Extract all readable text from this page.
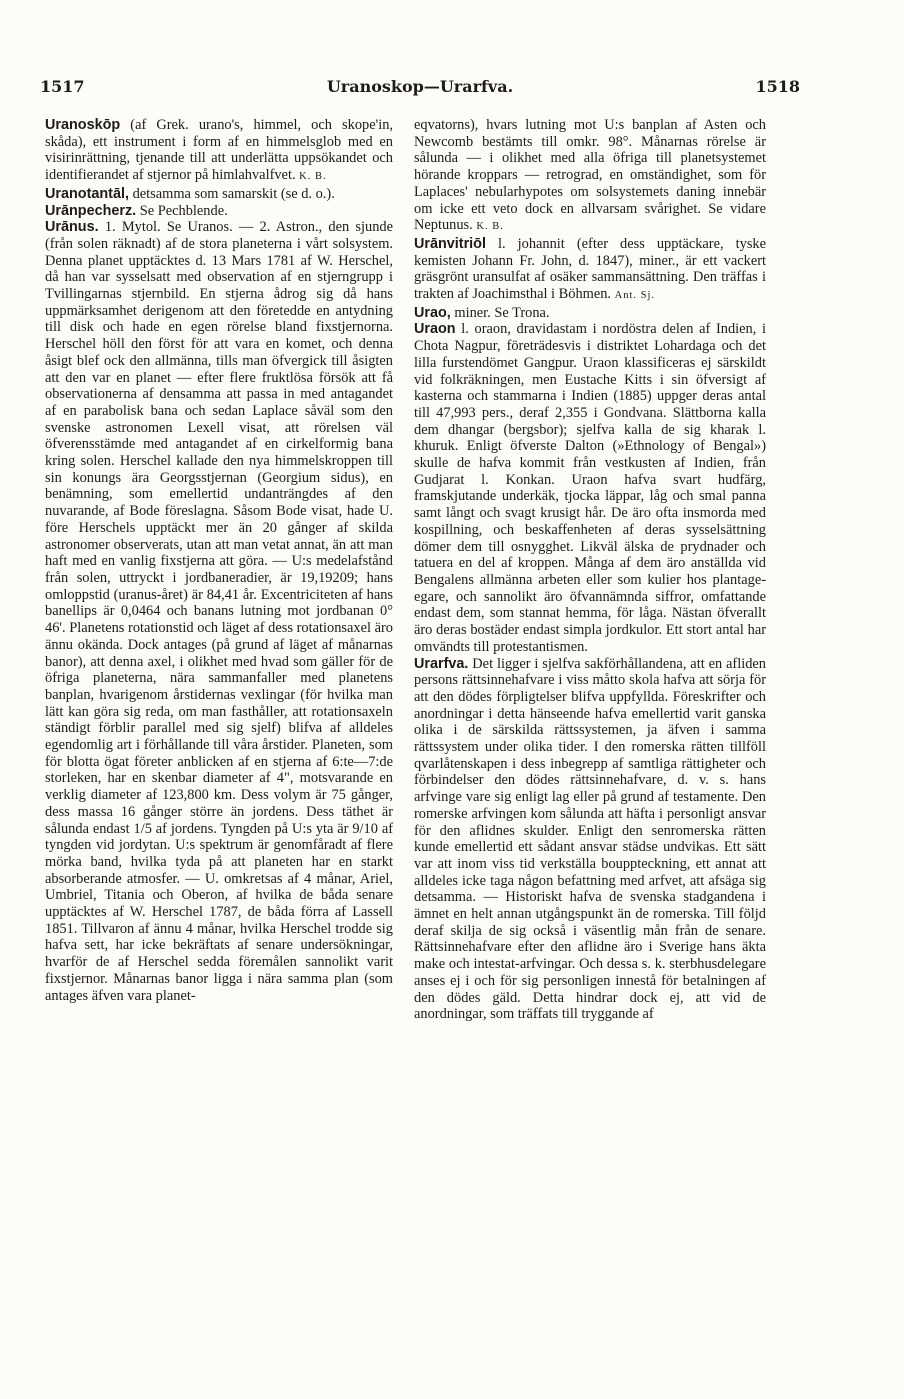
1517	Uranoskop—Urarfva.	1518

Uranoskōp (af Grek. urano's, himmel, och skope'in, skåda), ett instrument i form af en himmelsglob med en visirinrättning, tjenande till att underlätta uppsökandet och identifierandet af stjernor på himlahvalfvet. K. B.

Uranotantāl, detsamma som samarskit (se d. o.).

Urānpecherz. Se Pechblende.

Urānus. 1. Mytol. Se Uranos. — 2. Astron., den sjunde (från solen räknadt) af de stora planeterna i vårt solsystem. Denna planet upptäcktes d. 13 Mars 1781 af W. Herschel, då han var sysselsatt med observation af en stjerngrupp i Tvillingarnas stjernbild. En stjerna ådrog sig då hans uppmärksamhet derigenom att den företedde en antydning till disk och hade en egen rörelse bland fixstjernorna. Herschel höll den först för att vara en komet, och denna åsigt blef ock den allmänna, tills man öfvergick till åsigten att den var en planet — efter flere fruktlösa försök att få observationerna af densamma att passa in med antagandet af en parabolisk bana och sedan Laplace såväl som den svenske astronomen Lexell visat, att rörelsen väl öfverensstämde med antagandet af en cirkelformig bana kring solen. Herschel kallade den nya himmelskroppen till sin konungs ära Georgsstjernan (Georgium sidus), en benämning, som emellertid undanträngdes af den nuvarande, af Bode föreslagna. Såsom Bode visat, hade U. före Herschels upptäckt mer än 20 gånger af skilda astronomer observerats, utan att man vetat annat, än att man haft med en vanlig fixstjerna att göra. — U:s medelafstånd från solen, uttryckt i jordbaneradier, är 19,19209; hans omloppstid (uranus-året) är 84,41 år. Excentriciteten af hans banellips är 0,0464 och banans lutning mot jordbanan 0° 46'. Planetens rotationstid och läget af dess rotationsaxel äro ännu okända. Dock antages (på grund af läget af månarnas banor), att denna axel, i olikhet med hvad som gäller för de öfriga planeterna, nära sammanfaller med planetens banplan, hvarigenom årstidernas vexlingar (för hvilka man lätt kan göra sig reda, om man fasthåller, att rotationsaxeln ständigt förblir parallel med sig sjelf) blifva af alldeles egendomlig art i förhållande till våra årstider. Planeten, som för blotta ögat företer anblicken af en stjerna af 6:te—7:de storleken, har en skenbar diameter af 4", motsvarande en verklig diameter af 123,800 km. Dess volym är 75 gånger, dess massa 16 gånger större än jordens. Dess täthet är sålunda endast 1/5 af jordens. Tyngden på U:s yta är 9/10 af tyngden vid jordytan. U:s spektrum är genomfåradt af flere mörka band, hvilka tyda på att planeten har en starkt absorberande atmosfer. — U. omkretsas af 4 månar, Ariel, Umbriel, Titania och Oberon, af hvilka de båda senare upptäcktes af W. Herschel 1787, de båda förra af Lassell 1851. Tillvaron af ännu 4 månar, hvilka Herschel trodde sig hafva sett, har icke bekräftats af senare undersökningar, hvarför de af Herschel sedda föremålen sannolikt varit fixstjernor. Månarnas banor ligga i nära samma plan (som antages äfven vara planet-

eqvatorns), hvars lutning mot U:s banplan af Asten och Newcomb bestämts till omkr. 98°. Månarnas rörelse är sålunda — i olikhet med alla öfriga till planetsystemet hörande kroppars — retrograd, en omständighet, som för Laplaces' nebularhypotes om solsystemets daning innebär om icke ett veto dock en allvarsam svårighet. Se vidare Neptunus. K. B.

Urānvitriōl l. johannit (efter dess upptäckare, tyske kemisten Johann Fr. John, d. 1847), miner., är ett vackert gräsgrönt uransulfat af osäker sammansättning. Den träffas i trakten af Joachimsthal i Böhmen. Ant. Sj.

Urao, miner. Se Trona.

Uraon l. oraon, dravidastam i nordöstra delen af Indien, i Chota Nagpur, företrädesvis i distriktet Lohardaga och det lilla furstendömet Gangpur. Uraon klassificeras ej särskildt vid folkräkningen, men Eustache Kitts i sin öfversigt af kasterna och stammarna i Indien (1885) uppger deras antal till 47,993 pers., deraf 2,355 i Gondvana. Slättborna kalla dem dhangar (bergsbor); sjelfva kalla de sig kharak l. khuruk. Enligt öfverste Dalton (»Ethnology of Bengal») skulle de hafva kommit från vestkusten af Indien, från Gudjarat l. Konkan. Uraon hafva svart hudfärg, framskjutande underkäk, tjocka läppar, låg och smal panna samt långt och svagt krusigt hår. De äro ofta insmorda med kospillning, och beskaffenheten af deras sysselsättning dömer dem till osnygghet. Likväl älska de prydnader och tatuera en del af kroppen. Många af dem äro anställda vid Bengalens allmänna arbeten eller som kulier hos plantage-egare, och sannolikt äro öfvannämnda siffror, omfattande endast dem, som stannat hemma, för låga. Nästan öfverallt äro deras bostäder endast simpla jordkulor. Ett stort antal har omvändts till protestantismen.

Urarfva. Det ligger i sjelfva sakförhållandena, att en afliden persons rättsinnehafvare i viss måtto skola hafva att sörja för att den dödes förpligtelser blifva uppfyllda. Föreskrifter och anordningar i detta hänseende hafva emellertid varit ganska olika i de särskilda rättssystemen, ja äfven i samma rättssystem under olika tider. I den romerska rätten tillföll qvarlåtenskapen i dess inbegrepp af samtliga rättigheter och förbindelser den dödes rättsinnehafvare, d. v. s. hans arfvinge vare sig enligt lag eller på grund af testamente. Den romerske arfvingen kom sålunda att häfta i personligt ansvar för den aflidnes skulder. Enligt den senromerska rätten kunde emellertid ett sådant ansvar städse undvikas. Ett sätt var att inom viss tid verkställa bouppteckning, ett annat att alldeles icke taga någon befattning med arfvet, att afsäga sig detsamma. — Historiskt hafva de svenska stadgandena i ämnet en helt annan utgångspunkt än de romerska. Till följd deraf skilja de sig också i väsentlig mån från de senare. Rättsinnehafvare efter den aflidne äro i Sverige hans äkta make och intestat-arfvingar. Och dessa s. k. sterbhusdelegare anses ej i och för sig personligen innestå för betalningen af den dödes gäld. Detta hindrar dock ej, att vid de anordningar, som träffats till tryggande af
